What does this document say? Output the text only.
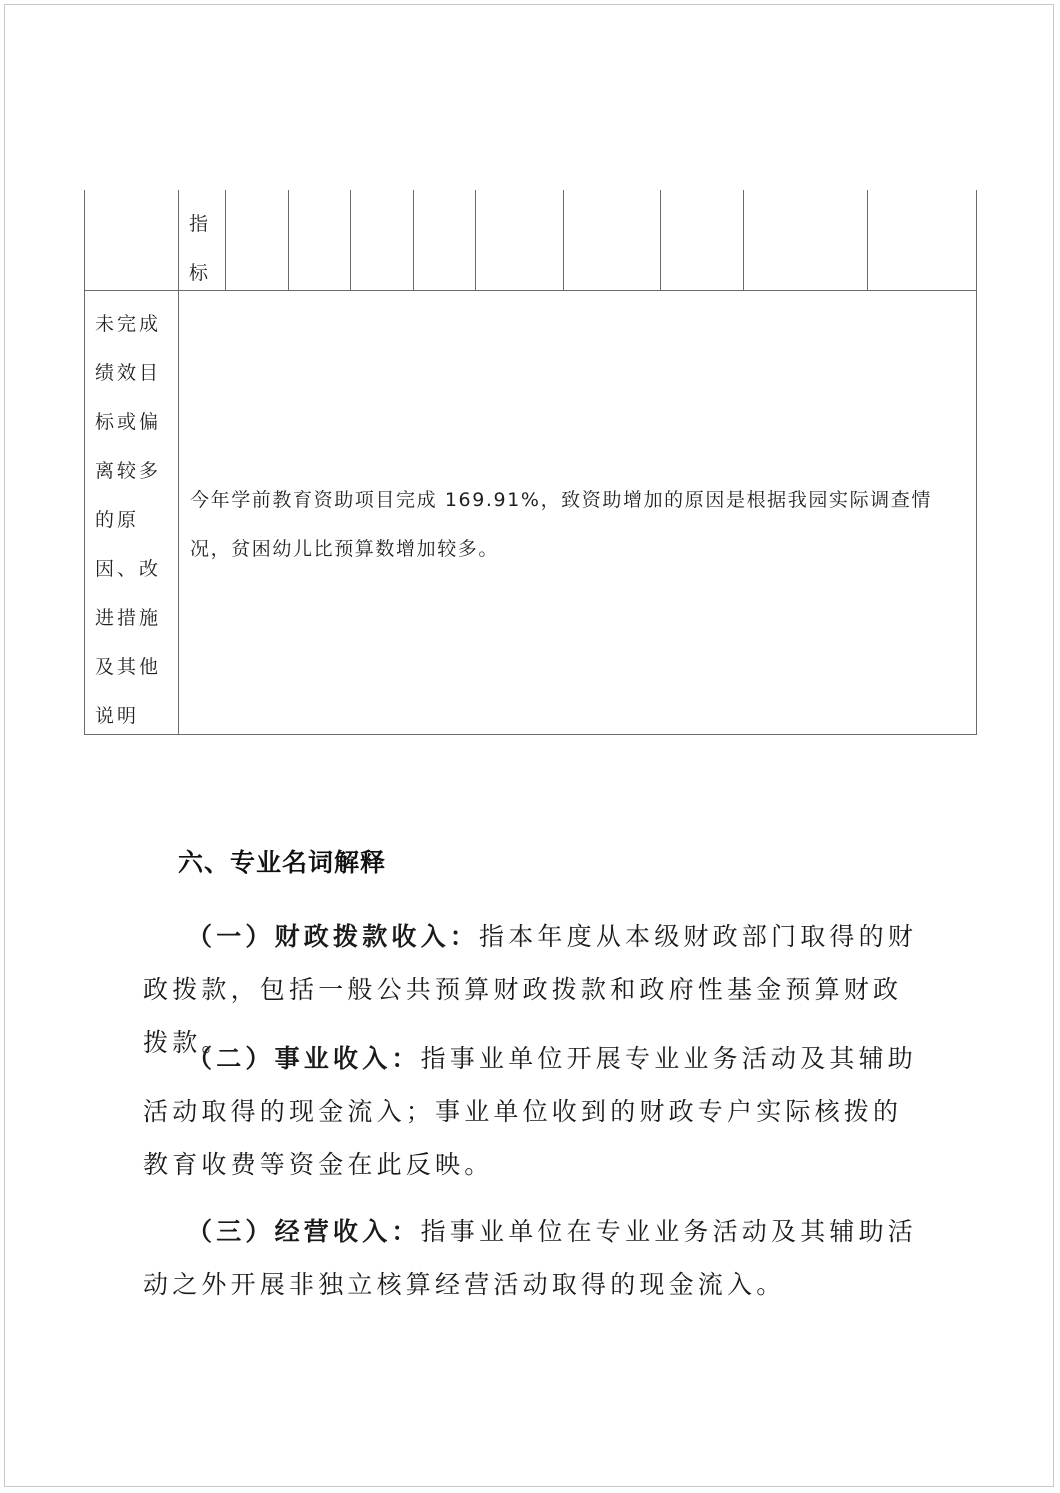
指
标
未完成
绩效目
标或偏
离较多
的原
因、改
进措施
及其他
说明
今年学前教育资助项目完成 169.91%，致资助增加的原因是根据我园实际调查情况，贫困幼儿比预算数增加较多。
六、专业名词解释
（一）财政拨款收入：指本年度从本级财政部门取得的财政拨款，包括一般公共预算财政拨款和政府性基金预算财政拨款。
（二）事业收入：指事业单位开展专业业务活动及其辅助活动取得的现金流入；事业单位收到的财政专户实际核拨的教育收费等资金在此反映。
（三）经营收入：指事业单位在专业业务活动及其辅助活动之外开展非独立核算经营活动取得的现金流入。
